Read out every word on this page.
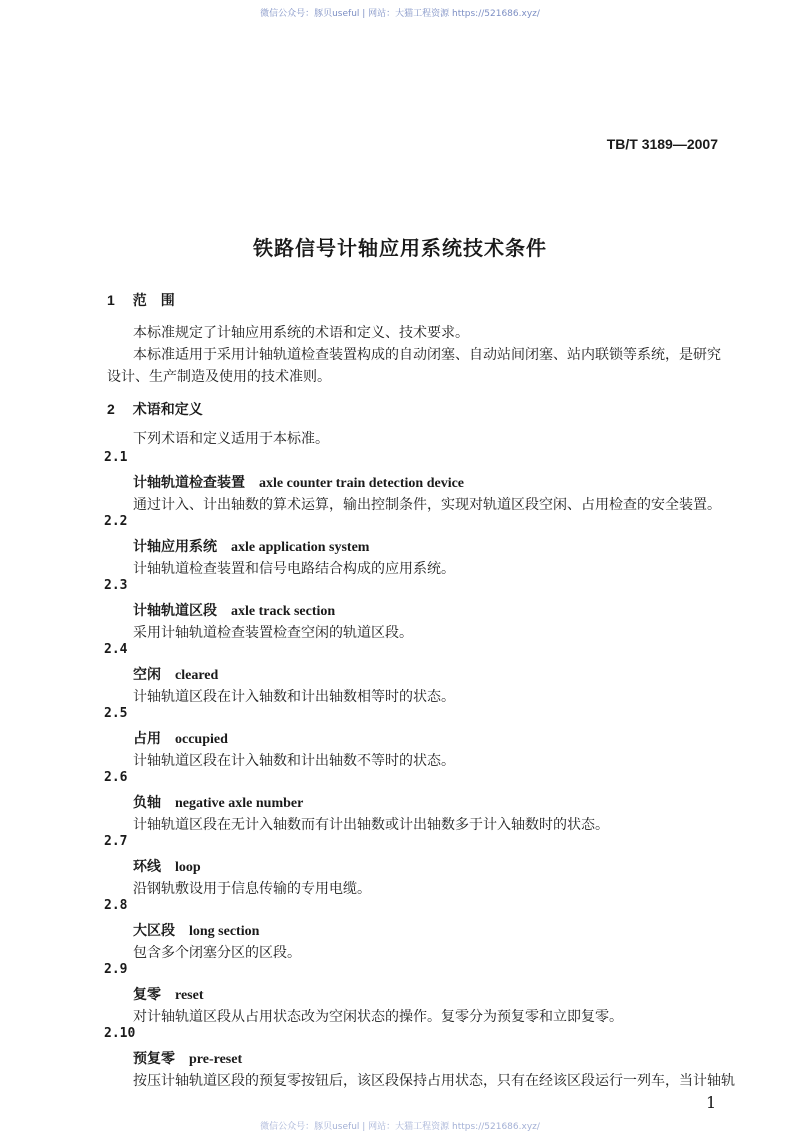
微信公众号：豚贝useful | 网站：大猫工程资源 https://521686.xyz/
TB/T 3189—2007
铁路信号计轴应用系统技术条件
1 范　围
本标准规定了计轴应用系统的术语和定义、技术要求。
本标准适用于采用计轴轨道检查装置构成的自动闭塞、自动站间闭塞、站内联锁等系统，是研究设计、生产制造及使用的技术准则。
2 术语和定义
下列术语和定义适用于本标准。
2.1
计轴轨道检查装置 axle counter train detection device
通过计入、计出轴数的算术运算，输出控制条件，实现对轨道区段空闲、占用检查的安全装置。
2.2
计轴应用系统 axle application system
计轴轨道检查装置和信号电路结合构成的应用系统。
2.3
计轴轨道区段 axle track section
采用计轴轨道检查装置检查空闲的轨道区段。
2.4
空闲 cleared
计轴轨道区段在计入轴数和计出轴数相等时的状态。
2.5
占用 occupied
计轴轨道区段在计入轴数和计出轴数不等时的状态。
2.6
负轴 negative axle number
计轴轨道区段在无计入轴数而有计出轴数或计出轴数多于计入轴数时的状态。
2.7
环线 loop
沿钢轨敷设用于信息传输的专用电缆。
2.8
大区段 long section
包含多个闭塞分区的区段。
2.9
复零 reset
对计轴轨道区段从占用状态改为空闲状态的操作。复零分为预复零和立即复零。
2.10
预复零 pre-reset
按压计轴轨道区段的预复零按钮后，该区段保持占用状态，只有在经该区段运行一列车，当计轴轨
1
微信公众号：豚贝useful | 网站：大猫工程资源 https://521686.xyz/
